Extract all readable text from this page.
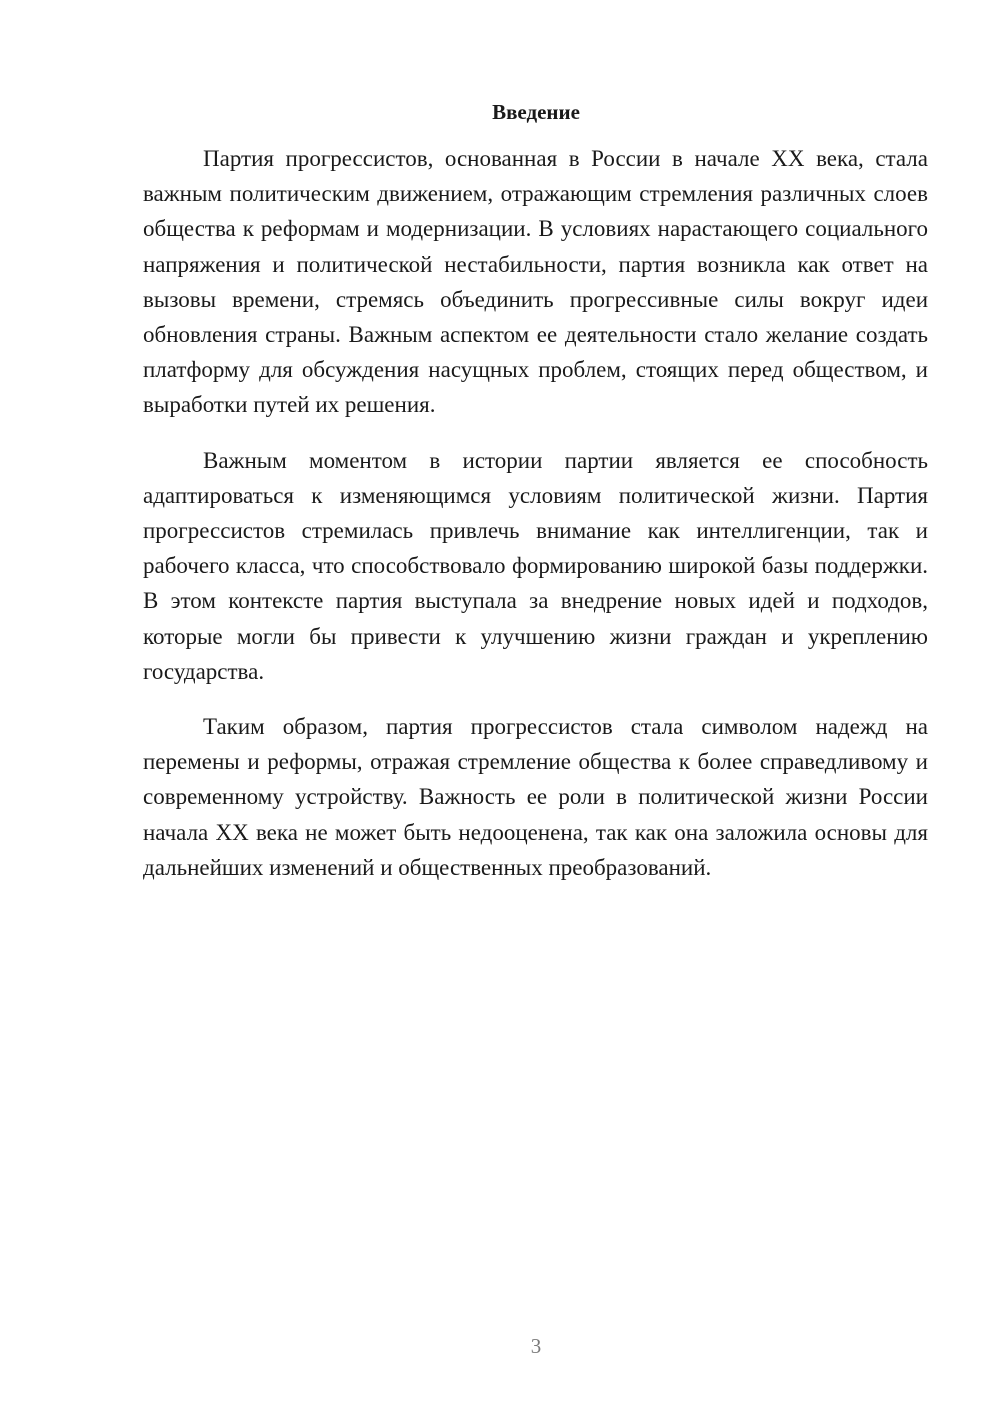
Введение

Партия прогрессистов, основанная в России в начале XX века, стала важным политическим движением, отражающим стремления различных слоев общества к реформам и модернизации. В условиях нарастающего социального напряжения и политической нестабильности, партия возникла как ответ на вызовы времени, стремясь объединить прогрессивные силы вокруг идеи обновления страны. Важным аспектом ее деятельности стало желание создать платформу для обсуждения насущных проблем, стоящих перед обществом, и выработки путей их решения.

Важным моментом в истории партии является ее способность адаптироваться к изменяющимся условиям политической жизни. Партия прогрессистов стремилась привлечь внимание как интеллигенции, так и рабочего класса, что способствовало формированию широкой базы поддержки. В этом контексте партия выступала за внедрение новых идей и подходов, которые могли бы привести к улучшению жизни граждан и укреплению государства.

Таким образом, партия прогрессистов стала символом надежд на перемены и реформы, отражая стремление общества к более справедливому и современному устройству. Важность ее роли в политической жизни России начала XX века не может быть недооценена, так как она заложила основы для дальнейших изменений и общественных преобразований.

3
